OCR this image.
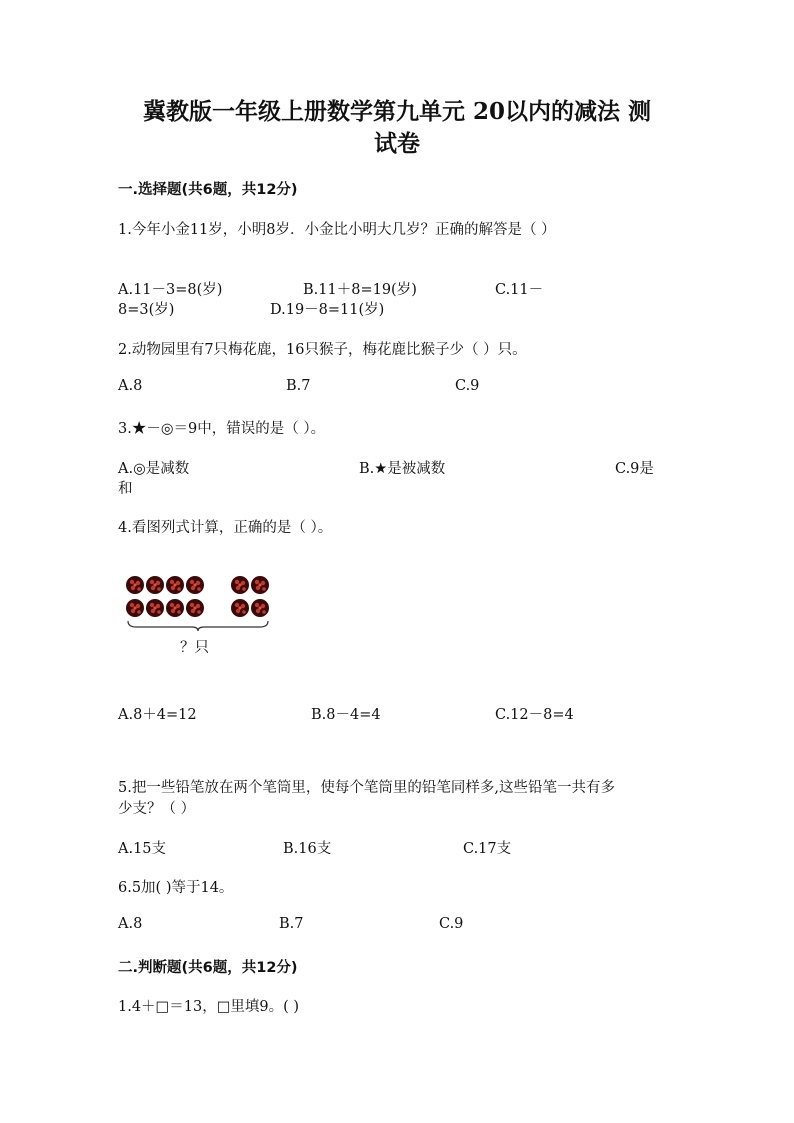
冀教版一年级上册数学第九单元 20以内的减法 测
试卷
一.选择题(共6题，共12分)
1.今年小金11岁，小明8岁．小金比小明大几岁？正确的解答是（ ）
A.11－3=8(岁)	B.11＋8=19(岁)	C.11－
8=3(岁)	D.19－8=11(岁)
2.动物园里有7只梅花鹿，16只猴子，梅花鹿比猴子少（ ）只。
A.8	B.7	C.9
3.★－◎＝9中，错误的是（ ）。
A.◎是减数	B.★是被减数	C.9是
和
4.看图列式计算，正确的是（ ）。
？只
A.8＋4=12	B.8－4=4	C.12－8=4
5.把一些铅笔放在两个笔筒里，使每个笔筒里的铅笔同样多,这些铅笔一共有多
少支？（ ）
A.15支	B.16支	C.17支
6.5加( )等于14。
A.8	B.7	C.9
二.判断题(共6题，共12分)
1.4＋□＝13，□里填9。( )
